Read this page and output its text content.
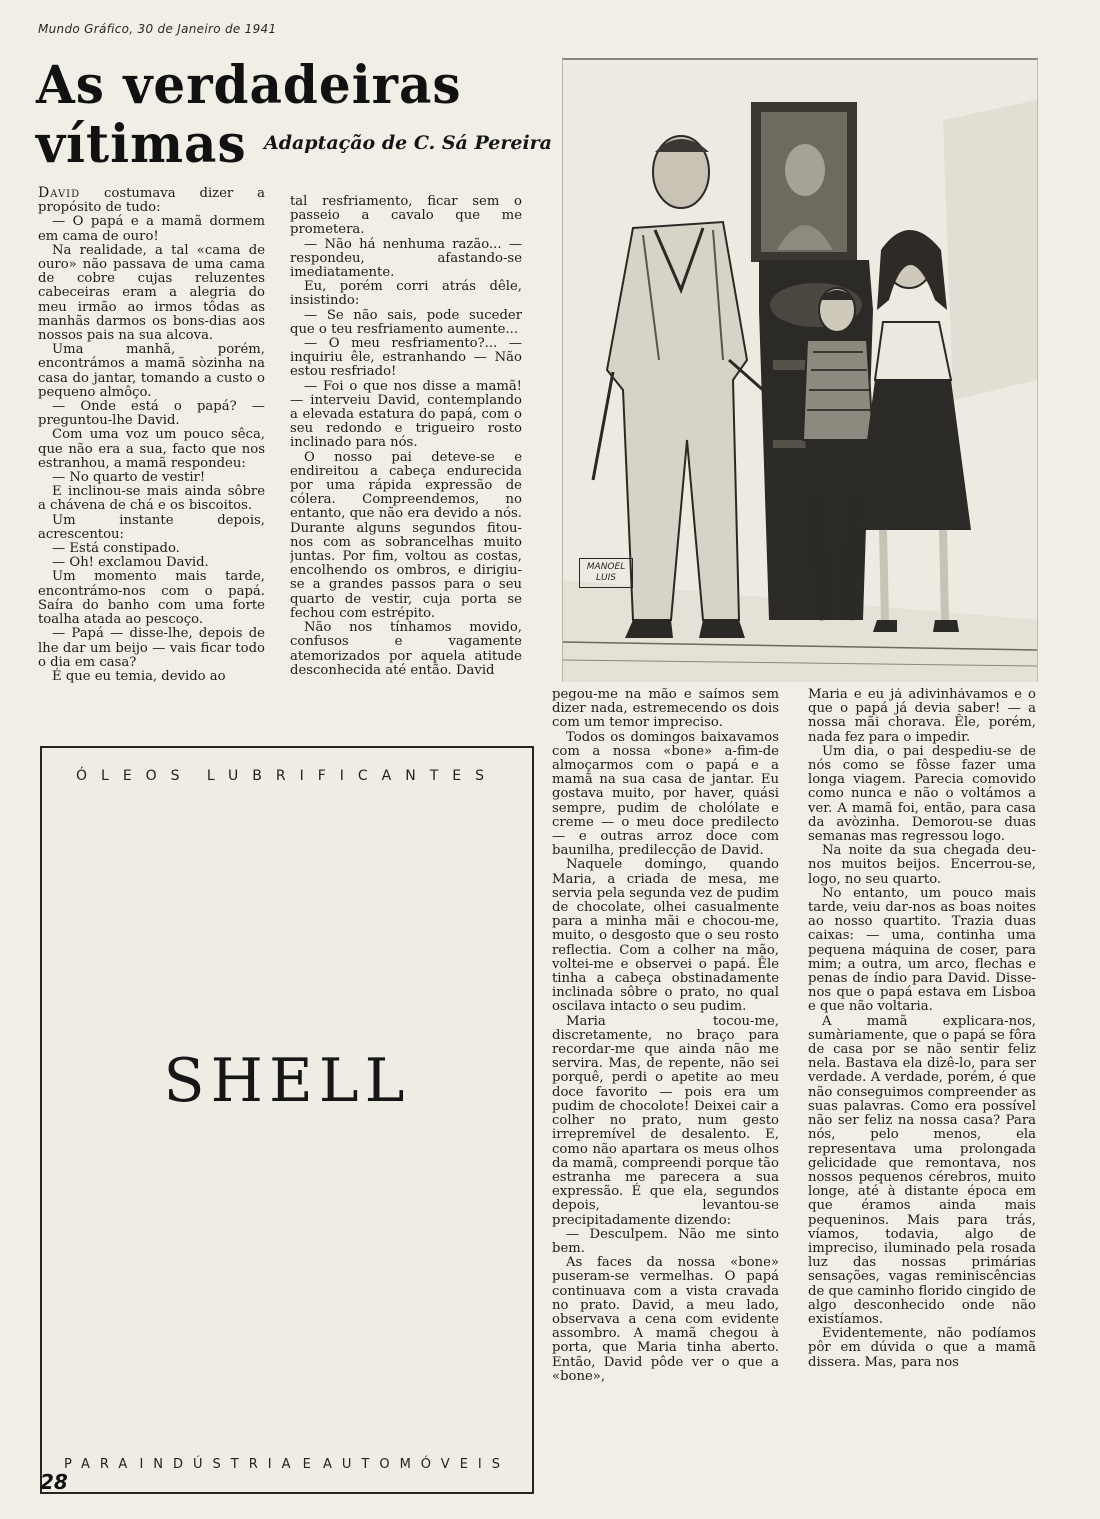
Mundo Gráfico, 30 de Janeiro de 1941
As verdadeiras vítimas Adaptação de C. Sá Pereira

David costumava dizer a propósito de tudo:

— O papá e a mamã dormem em cama de ouro!

Na realidade, a tal «cama de ouro» não passava de uma cama de cobre cujas reluzentes cabeceiras eram a alegria do meu irmão ao irmos tôdas as manhãs darmos os bons-dias aos nossos pais na sua alcova.

Uma manhã, porém, encontrámos a mamã sòzinha na casa do jantar, tomando a custo o pequeno almôço.

— Onde está o papá? — preguntou-lhe David.

Com uma voz um pouco sêca, que não era a sua, facto que nos estranhou, a mamã respondeu:

— No quarto de vestir!

E inclinou-se mais ainda sôbre a chávena de chá e os biscoitos.

Um instante depois, acrescentou:

— Está constipado.

— Oh! exclamou David.

Um momento mais tarde, encontrámo-nos com o papá. Saíra do banho com uma forte toalha atada ao pescoço.

— Papá — disse-lhe, depois de lhe dar um beijo — vais ficar todo o dia em casa?

É que eu temia, devido ao

tal resfriamento, ficar sem o passeio a cavalo que me prometera.

— Não há nenhuma razão... — respondeu, afastando-se imediatamente.

Eu, porém corri atrás dêle, insistindo:

— Se não sais, pode suceder que o teu resfriamento aumente...

— O meu resfriamento?... — inquiriu êle, estranhando — Não estou resfriado!

— Foi o que nos disse a mamã! — interveiu David, contemplando a elevada estatura do papá, com o seu redondo e trigueiro rosto inclinado para nós.

O nosso pai deteve-se e endireitou a cabeça endurecida por uma rápida expressão de cólera. Compreendemos, no entanto, que não era devido a nós. Durante alguns segundos fitou-nos com as sobrancelhas muito juntas. Por fim, voltou as costas, encolhendo os ombros, e dirigiu-se a grandes passos para o seu quarto de vestir, cuja porta se fechou com estrépito.

Não nos tínhamos movido, confusos e vagamente atemorizados por aquela atitude desconhecida até então. David

pegou-me na mão e saímos sem dizer nada, estremecendo os dois com um temor impreciso.

Todos os domingos baixavamos com a nossa «bone» a-fim-de almoçarmos com o papá e a mamã na sua casa de jantar. Eu gostava muito, por haver, quási sempre, pudim de cholólate e creme — o meu doce predilecto — e outras arroz doce com baunilha, predilecção de David.

Naquele domingo, quando Maria, a criada de mesa, me servia pela segunda vez de pudim de chocolate, olhei casualmente para a minha mãi e chocou-me, muito, o desgosto que o seu rosto reflectia. Com a colher na mão, voltei-me e observei o papá. Êle tinha a cabeça obstinadamente inclinada sôbre o prato, no qual oscilava intacto o seu pudim.

Maria tocou-me, discretamente, no braço para recordar-me que ainda não me servira. Mas, de repente, não sei porquê, perdi o apetite ao meu doce favorito — pois era um pudim de chocolote! Deixei cair a colher no prato, num gesto irrepremível de desalento. E, como não apartara os meus olhos da mamã, compreendi porque tão estranha me parecera a sua expressão. É que ela, segundos depois, levantou-se precipitadamente dizendo:

— Desculpem. Não me sinto bem.

As faces da nossa «bone» puseram-se vermelhas. O papá continuava com a vista cravada no prato. David, a meu lado, observava a cena com evidente assombro. A mamã chegou à porta, que Maria tinha aberto. Então, David pôde ver o que a «bone»,

Maria e eu já adivinhávamos e o que o papá já devia saber! — a nossa mãi chorava. Êle, porém, nada fez para o impedir.

Um dia, o pai despediu-se de nós como se fôsse fazer uma longa viagem. Parecia comovido como nunca e não o voltámos a ver. A mamã foi, então, para casa da avòzinha. Demorou-se duas semanas mas regressou logo.

Na noite da sua chegada deu-nos muitos beijos. Encerrou-se, logo, no seu quarto.

No entanto, um pouco mais tarde, veiu dar-nos as boas noites ao nosso quartito. Trazia duas caixas: — uma, continha uma pequena máquina de coser, para mim; a outra, um arco, flechas e penas de índio para David. Disse-nos que o papá estava em Lisboa e que não voltaria.

A mamã explicara-nos, sumàriamente, que o papá se fôra de casa por se não sentir feliz nela. Bastava ela dizê-lo, para ser verdade. A verdade, porém, é que não conseguimos compreender as suas palavras. Como era possível não ser feliz na nossa casa? Para nós, pelo menos, ela representava uma prolongada gelicidade que remontava, nos nossos pequenos cérebros, muito longe, até à distante época em que éramos ainda mais pequeninos. Mais para trás, víamos, todavia, algo de impreciso, iluminado pela rosada luz das nossas primárias sensações, vagas reminiscências de que caminho florido cingido de algo desconhecido onde não existíamos.

Evidentemente, não podíamos pôr em dúvida o que a mamã dissera. Mas, para nos

MANOEL LUIS
ÓLEOS LUBRIFICANTES
SHELL
PARA INDÚSTRIA E AUTOMÓVEIS
28
